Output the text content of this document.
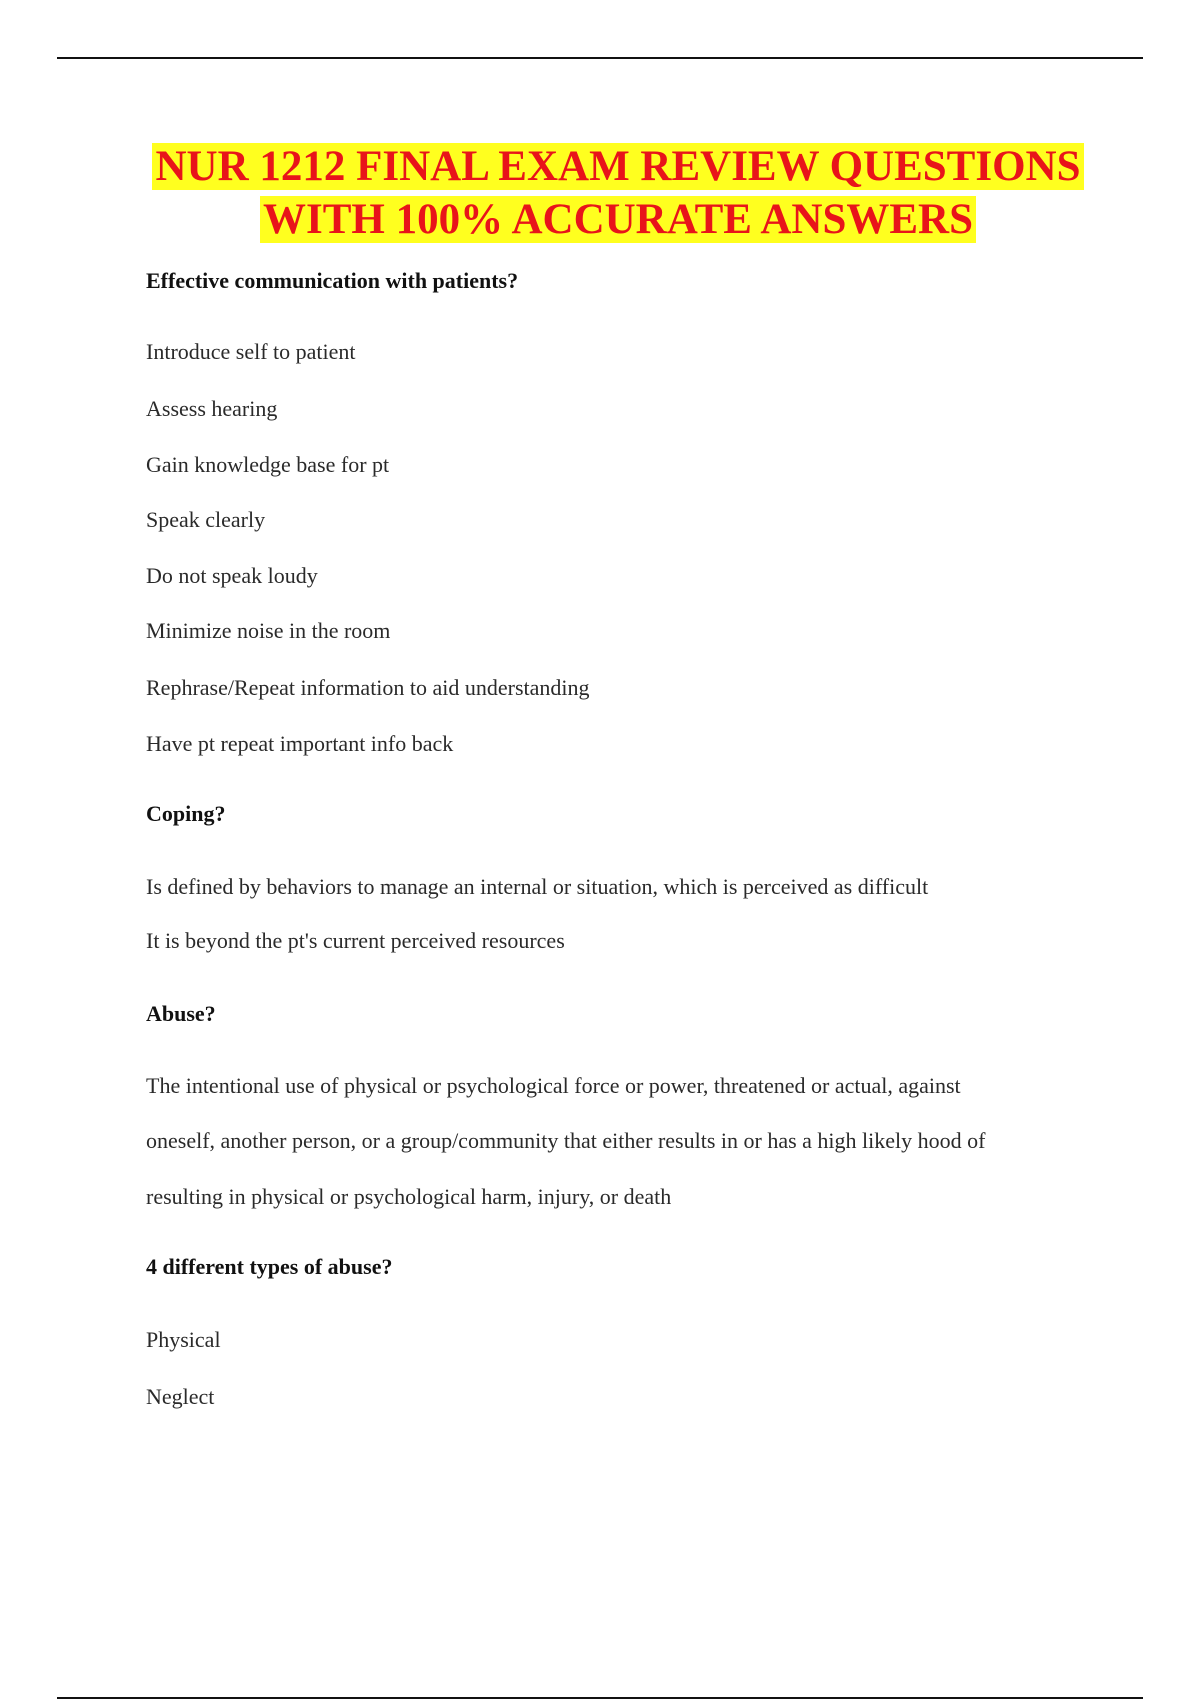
NUR 1212 FINAL EXAM REVIEW QUESTIONS
WITH 100% ACCURATE ANSWERS

Effective communication with patients?

Introduce self to patient

Assess hearing

Gain knowledge base for pt

Speak clearly

Do not speak loudy

Minimize noise in the room

Rephrase/Repeat information to aid understanding

Have pt repeat important info back

Coping?

Is defined by behaviors to manage an internal or situation, which is perceived as difficult

It is beyond the pt's current perceived resources

Abuse?

The intentional use of physical or psychological force or power, threatened or actual, against

oneself, another person, or a group/community that either results in or has a high likely hood of

resulting in physical or psychological harm, injury, or death

4 different types of abuse?

Physical

Neglect
